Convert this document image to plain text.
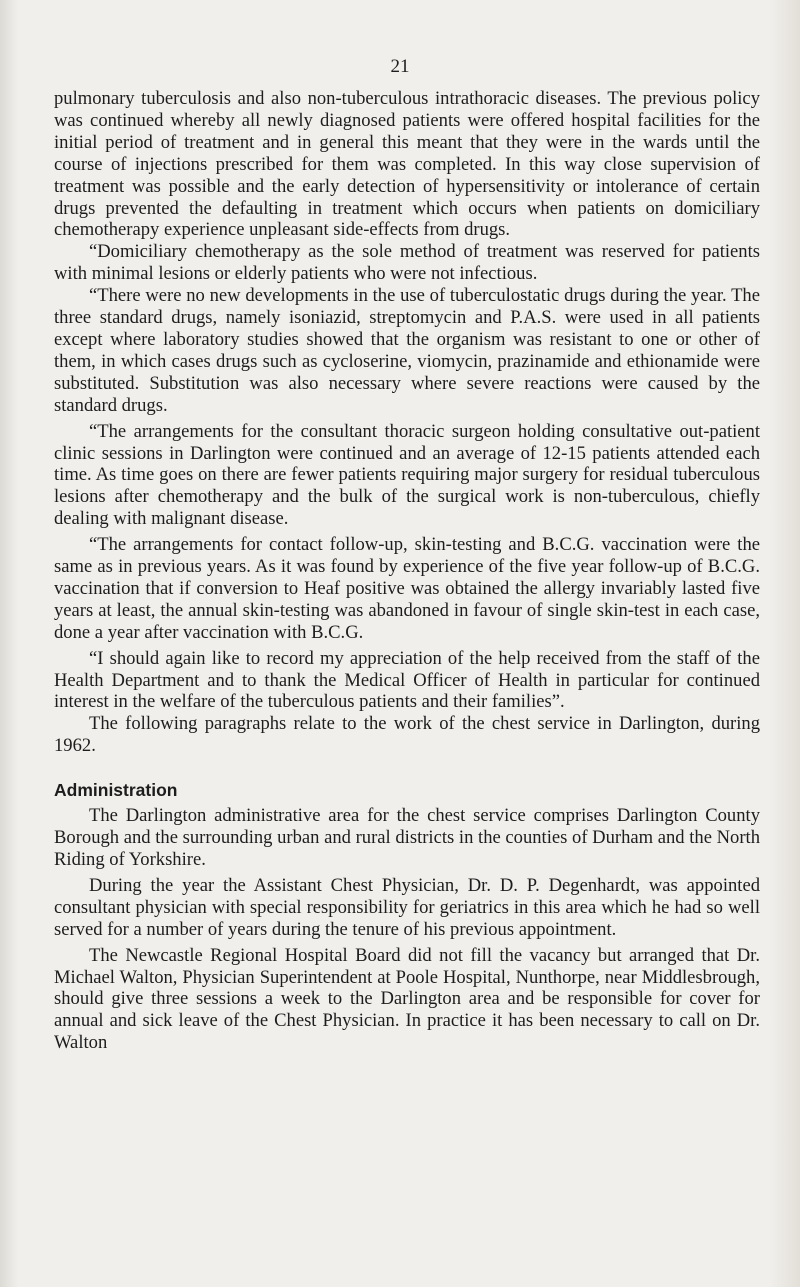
21

pulmonary tuberculosis and also non-tuberculous intrathoracic diseases. The previous policy was continued whereby all newly diagnosed patients were offered hospital facilities for the initial period of treatment and in general this meant that they were in the wards until the course of injections prescribed for them was completed. In this way close supervision of treatment was possible and the early detection of hypersensitivity or intolerance of certain drugs prevented the defaulting in treatment which occurs when patients on domiciliary chemotherapy experience unpleasant side-effects from drugs.

“Domiciliary chemotherapy as the sole method of treatment was reserved for patients with minimal lesions or elderly patients who were not infectious.

“There were no new developments in the use of tuberculostatic drugs during the year. The three standard drugs, namely isoniazid, streptomycin and P.A.S. were used in all patients except where laboratory studies showed that the organism was resistant to one or other of them, in which cases drugs such as cycloserine, viomycin, prazinamide and ethionamide were substituted. Substitution was also necessary where severe reactions were caused by the standard drugs.

“The arrangements for the consultant thoracic surgeon holding consultative out-patient clinic sessions in Darlington were continued and an average of 12-15 patients attended each time. As time goes on there are fewer patients requiring major surgery for residual tuberculous lesions after chemotherapy and the bulk of the surgical work is non-tuberculous, chiefly dealing with malignant disease.

“The arrangements for contact follow-up, skin-testing and B.C.G. vaccination were the same as in previous years. As it was found by experience of the five year follow-up of B.C.G. vaccination that if conversion to Heaf positive was obtained the allergy invariably lasted five years at least, the annual skin-testing was abandoned in favour of single skin-test in each case, done a year after vaccination with B.C.G.

“I should again like to record my appreciation of the help received from the staff of the Health Department and to thank the Medical Officer of Health in particular for continued interest in the welfare of the tuberculous patients and their families”.

The following paragraphs relate to the work of the chest service in Darlington, during 1962.

Administration

The Darlington administrative area for the chest service comprises Darlington County Borough and the surrounding urban and rural districts in the counties of Durham and the North Riding of Yorkshire.

During the year the Assistant Chest Physician, Dr. D. P. Degenhardt, was appointed consultant physician with special responsibility for geriatrics in this area which he had so well served for a number of years during the tenure of his previous appointment.

The Newcastle Regional Hospital Board did not fill the vacancy but arranged that Dr. Michael Walton, Physician Superintendent at Poole Hospital, Nunthorpe, near Middlesbrough, should give three sessions a week to the Darlington area and be responsible for cover for annual and sick leave of the Chest Physician. In practice it has been necessary to call on Dr. Walton
